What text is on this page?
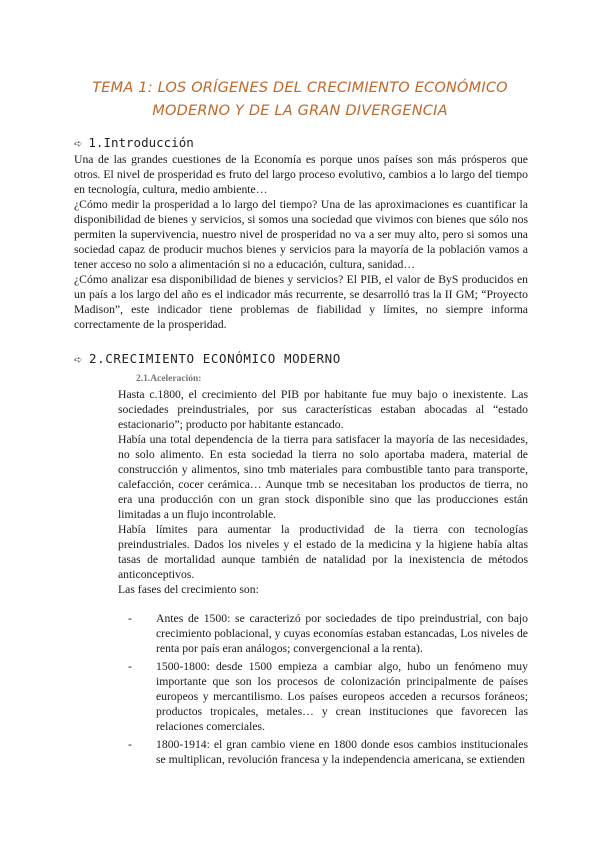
TEMA 1: LOS ORÍGENES DEL CRECIMIENTO ECONÓMICO
MODERNO Y DE LA GRAN DIVERGENCIA
➪ 1.Introducción

Una de las grandes cuestiones de la Economía es porque unos países son más prósperos que otros. El nivel de prosperidad es fruto del largo proceso evolutivo, cambios a lo largo del tiempo en tecnología, cultura, medio ambiente…

¿Cómo medir la prosperidad a lo largo del tiempo? Una de las aproximaciones es cuantificar la disponibilidad de bienes y servicios, si somos una sociedad que vivimos con bienes que sólo nos permiten la supervivencia, nuestro nivel de prosperidad no va a ser muy alto, pero si somos una sociedad capaz de producir muchos bienes y servicios para la mayoría de la población vamos a tener acceso no solo a alimentación si no a educación, cultura, sanidad…

¿Cómo analizar esa disponibilidad de bienes y servicios? El PIB, el valor de ByS producidos en un país a los largo del año es el indicador más recurrente, se desarrolló tras la II GM; “Proyecto Madison”, este indicador tiene problemas de fiabilidad y límites, no siempre informa correctamente de la prosperidad.

➪ 2.CRECIMIENTO ECONÓMICO MODERNO
2.1.Aceleración:

Hasta c.1800, el crecimiento del PIB por habitante fue muy bajo o inexistente. Las sociedades preindustriales, por sus características estaban abocadas al “estado estacionario”; producto por habitante estancado.

Había una total dependencia de la tierra para satisfacer la mayoría de las necesidades, no solo alimento. En esta sociedad la tierra no solo aportaba madera, material de construcción y alimentos, sino tmb materiales para combustible tanto para transporte, calefacción, cocer cerámica… Aunque tmb se necesitaban los productos de tierra, no era una producción con un gran stock disponible sino que las producciones están limitadas a un flujo incontrolable.

Había límites para aumentar la productividad de la tierra con tecnologías preindustriales. Dados los niveles y el estado de la medicina y la higiene había altas tasas de mortalidad aunque también de natalidad por la inexistencia de métodos anticonceptivos.

Las fases del crecimiento son:

- Antes de 1500: se caracterizó por sociedades de tipo preindustrial, con bajo crecimiento poblacional, y cuyas economías estaban estancadas, Los niveles de renta por país eran análogos; convergencional a la renta).

- 1500-1800: desde 1500 empieza a cambiar algo, hubo un fenómeno muy importante que son los procesos de colonización principalmente de países europeos y mercantilismo. Los países europeos acceden a recursos foráneos; productos tropicales, metales… y crean instituciones que favorecen las relaciones comerciales.

- 1800-1914: el gran cambio viene en 1800 donde esos cambios institucionales se multiplican, revolución francesa y la independencia americana, se extienden
